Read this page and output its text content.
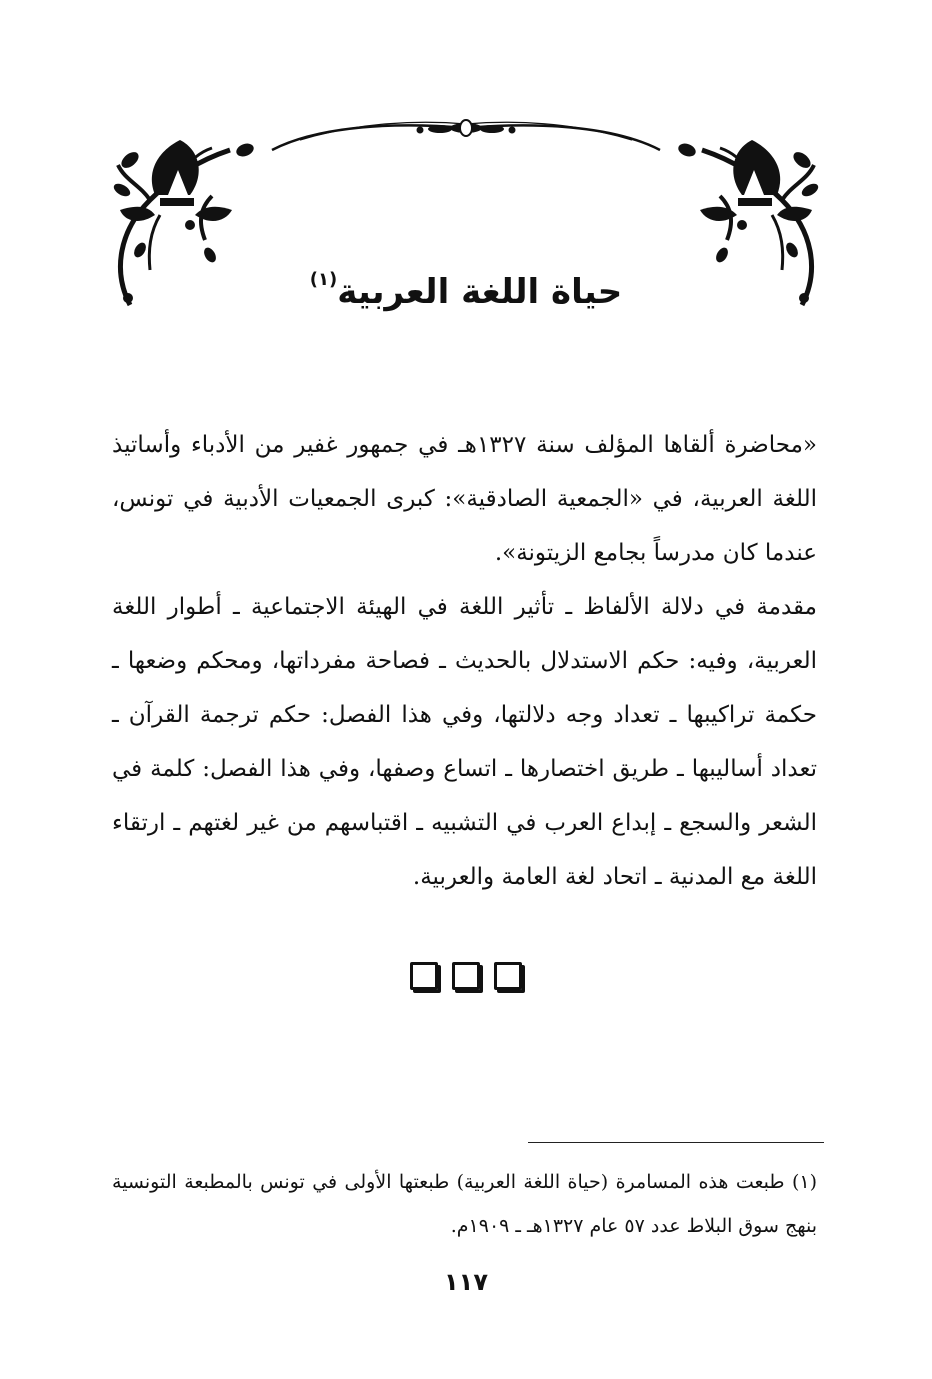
حياة اللغة العربية$^{(١)}$

«محاضرة ألقاها المؤلف سنة ١٣٢٧هـ في جمهور غفير من الأدباء وأساتيذ اللغة العربية، في «الجمعية الصادقية»: كبرى الجمعيات الأدبية في تونس، عندما كان مدرساً بجامع الزيتونة».

مقدمة في دلالة الألفاظ ـ تأثير اللغة في الهيئة الاجتماعية ـ أطوار اللغة العربية، وفيه: حكم الاستدلال بالحديث ـ فصاحة مفرداتها، ومحكم وضعها ـ حكمة تراكيبها ـ تعداد وجه دلالتها، وفي هذا الفصل: حكم ترجمة القرآن ـ تعداد أساليبها ـ طريق اختصارها ـ اتساع وصفها، وفي هذا الفصل: كلمة في الشعر والسجع ـ إبداع العرب في التشبيه ـ اقتباسهم من غير لغتهم ـ ارتقاء اللغة مع المدنية ـ اتحاد لغة العامة والعربية.

(١) طبعت هذه المسامرة (حياة اللغة العربية) طبعتها الأولى في تونس بالمطبعة التونسية بنهج سوق البلاط عدد ٥٧ عام ١٣٢٧هـ ـ ١٩٠٩م.
١١٧
